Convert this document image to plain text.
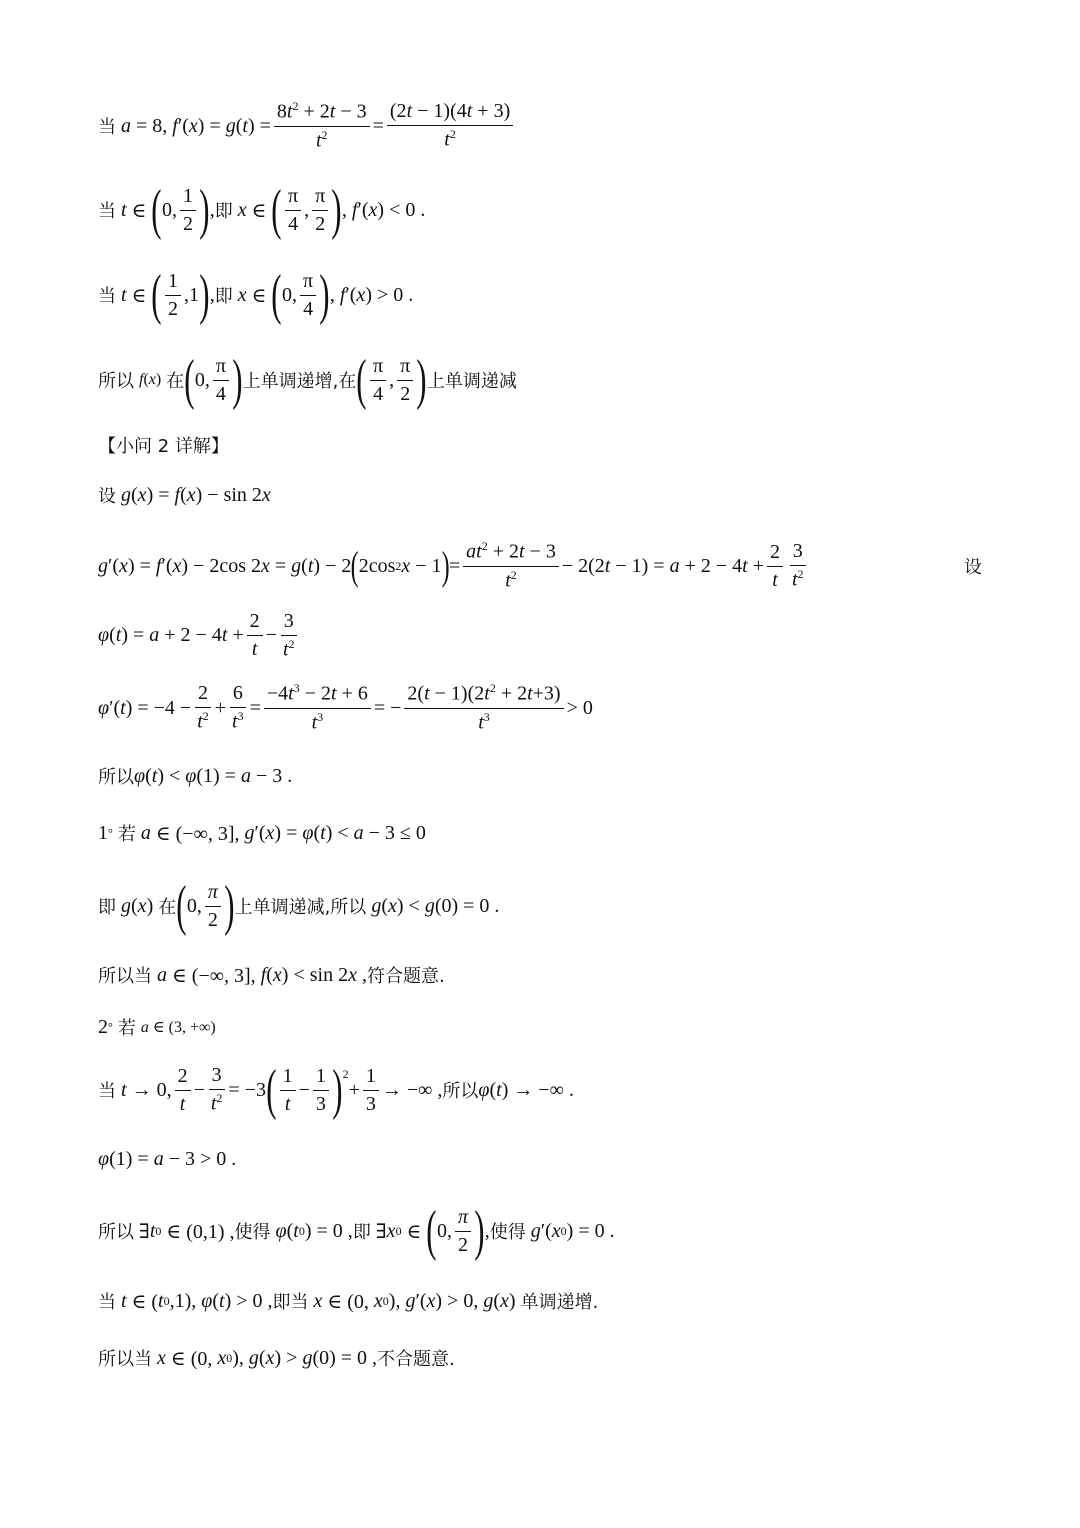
当
a = 8, f ′( x ) = g ( t ) = $\frac{8t^2 + 2t - 3}{t^2} = \frac{(2t - 1)(4t + 3)}{t^2}$
当
t ∈ ( 0, $\frac{1}{2}$ ) , 即
x ∈ ( $\frac{\pi}{4}$ , $\frac{\pi}{2}$ ) , f ′( x ) < 0 .
当
t ∈ ( $\frac{1}{2} ,1$ ) , 即
x ∈ ( 0, $\frac{\pi}{4}$ ) , f ′( x ) > 0 .
所以
f (x)
在 ( 0, $\frac{\pi}{4}$ ) 上单调递增,在 ( $\frac{\pi}{4}$ , $\frac{\pi}{2}$ ) 上单调递减
【小问 2 详解】
设
g ( x ) = f ( x ) − sin 2 x
g ′( x ) = f ′( x ) − 2cos 2 x = g ( t ) − 2 ( 2cos 2 x − 1 ) = $\frac{at^2 + 2t - 3}{t^2} - 2(2$ t − 1) = a + 2 − 4 $t + \frac{2}{t} \frac{3}{t^2}$	设
φ ( t ) = a + 2 − 4 $t + \frac{2}{t} - \frac{3}{t^2}$
φ ′( t ) = $-4 - \frac{2}{t^2} + \frac{6}{t^3} = \frac{-4t^3 - 2t + 6}{t^3}$ = − $\frac{2(t - 1)(2t^2 + 2t+3)}{t^3} > 0$
所以 φ ( t ) < φ (1) = a − 3 .
1 °
若
a ∈ (−∞, 3], g ′( x ) = φ ( t ) < a − 3 ≤ 0
即
g ( x ) 在 ( 0, $\frac{\pi}{2}$ ) 上单调递减,所以
g ( x ) < g (0) = 0 .
所以当
a ∈ (−∞, 3], f ( x ) < sin 2 x , 符合题意.
2 °
若
a ∈ (3, +∞)
当
t → 0, $\frac{2}{t} - \frac{3}{t^2} = -3$ ( $\frac{1}{t} - \frac{1}{3} )^2$
+ $\frac{1}{3}$ → −∞ , 所以 φ ( t ) → −∞ .
φ (1) = a − 3 > 0 .
所以 ∃ t 0 ∈ (0,1) , 使得
φ ( t 0 ) = 0 , 即 ∃ x 0 ∈ ( 0, $\frac{\pi}{2}$ ) , 使得
g ′( x 0 ) = 0 .
当
t ∈ ( t 0 ,1), φ ( t ) > 0 , 即当
x ∈ (0, x 0 ), g ′( x ) > 0, g ( x ) 单调递增.
所以当
x ∈ (0, x 0 ), g ( x ) > g (0) = 0 , 不合题意.
